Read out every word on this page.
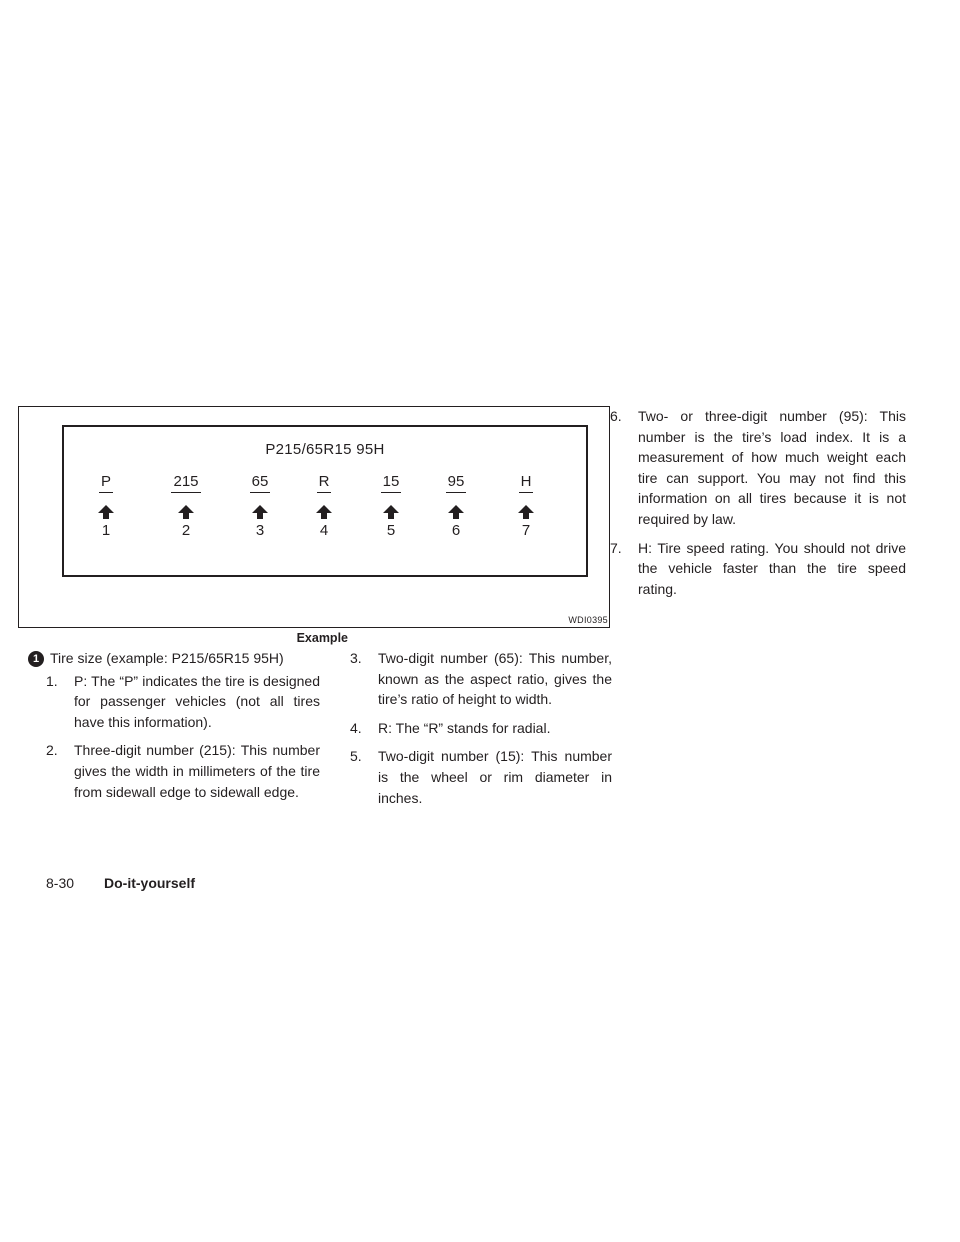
P215/65R15 95H
P
1
215
2
65
3
R
4
15
5
95
6
H
7
WDI0395
Example
1 Tire size (example: P215/65R15 95H)
1. P: The “P” indicates the tire is designed for passenger vehicles (not all tires have this information).
2. Three-digit number (215): This number gives the width in millimeters of the tire from sidewall edge to sidewall edge.
3. Two-digit number (65): This number, known as the aspect ratio, gives the tire’s ratio of height to width.
4. R: The “R” stands for radial.
5. Two-digit number (15): This number is the wheel or rim diameter in inches.
6. Two- or three-digit number (95): This number is the tire’s load index. It is a measurement of how much weight each tire can support. You may not find this information on all tires because it is not required by law.
7. H: Tire speed rating. You should not drive the vehicle faster than the tire speed rating.
8-30 Do-it-yourself
